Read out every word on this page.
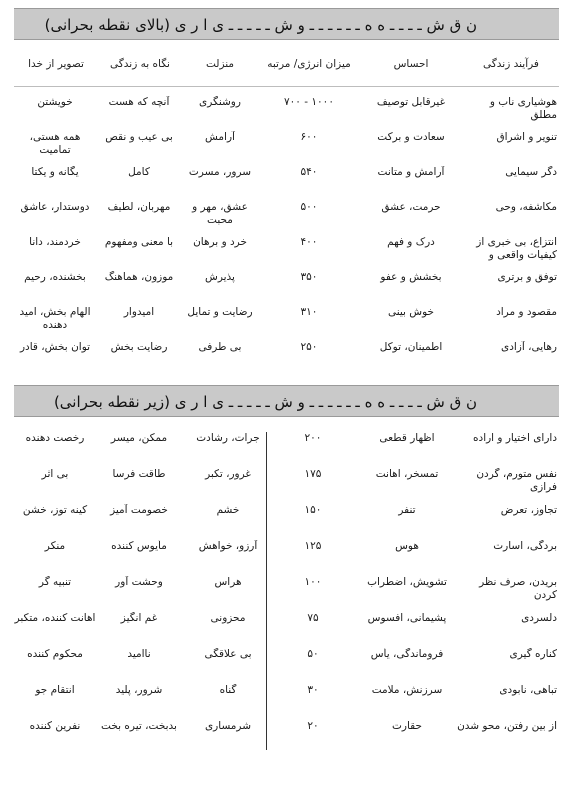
ن ق ش ـ ـ ـ ـ ه ه ـ ـ ـ ـ ـ ـ و ش ـ ـ ـ ـ ـ ی ا ر ی (بالای نقطه بحرانی)
فرآیند زندگی
احساس
میزان انرژی/ مرتبه
منزلت
نگاه به زندگی
تصویر از خدا
هوشیاری ناب و مطلق
غیرقابل توصیف
۱۰۰۰ - ۷۰۰
روشنگری
آنچه که هست
خویشتن
تنویر و اشراق
سعادت و برکت
۶۰۰
آرامش
بی عیب و نقص
همه هستی، تمامیت
دگر سیمایی
آرامش و متانت
۵۴۰
سرور، مسرت
کامل
یگانه و یکتا
مکاشفه، وحی
حرمت، عشق
۵۰۰
عشق، مهر و محبت
مهربان، لطیف
دوستدار، عاشق
انتزاع، بی خبری از کیفیات واقعی و
درک و فهم
۴۰۰
خرد و برهان
با معنی ومفهوم
خردمند، دانا
توفق و برتری
بخشش و عفو
۳۵۰
پذیرش
موزون، هماهنگ
بخشنده، رحیم
مقصود و مراد
خوش بینی
۳۱۰
رضایت و تمایل
امیدوار
الهام بخش، امید دهنده
رهایی، آزادی
اطمینان، توکل
۲۵۰
بی طرفی
رضایت بخش
توان بخش، قادر
ن ق ش ـ ـ ـ ـ ه ه ـ ـ ـ ـ ـ ـ و ش ـ ـ ـ ـ ـ ی ا ر ی (زیر نقطه بحرانی)
دارای اختیار و اراده
اظهار قطعی
۲۰۰
جرات، رشادت
ممکن، میسر
رخصت دهنده
نفس متورم، گردن فرازی
تمسخر، اهانت
۱۷۵
غرور، تکبر
طاقت فرسا
بی اثر
تجاوز، تعرض
تنفر
۱۵۰
خشم
خصومت آمیز
کینه توز، خشن
بردگی، اسارت
هوس
۱۲۵
آرزو، خواهش
مأیوس کننده
منکر
بریدن، صرف نظر کردن
تشویش، اضطراب
۱۰۰
هراس
وحشت آور
تنبیه گر
دلسردی
پشیمانی، افسوس
۷۵
محزونی
غم انگیز
اهانت کننده، متکبر
کناره گیری
فروماندگی، یأس
۵۰
بی علاقگی
ناامید
محکوم کننده
تباهی، نابودی
سرزنش، ملامت
۳۰
گناه
شرور، پلید
انتقام جو
از بین رفتن، محو شدن
حقارت
۲۰
شرمساری
بدبخت، تیره بخت
نفرین کننده
